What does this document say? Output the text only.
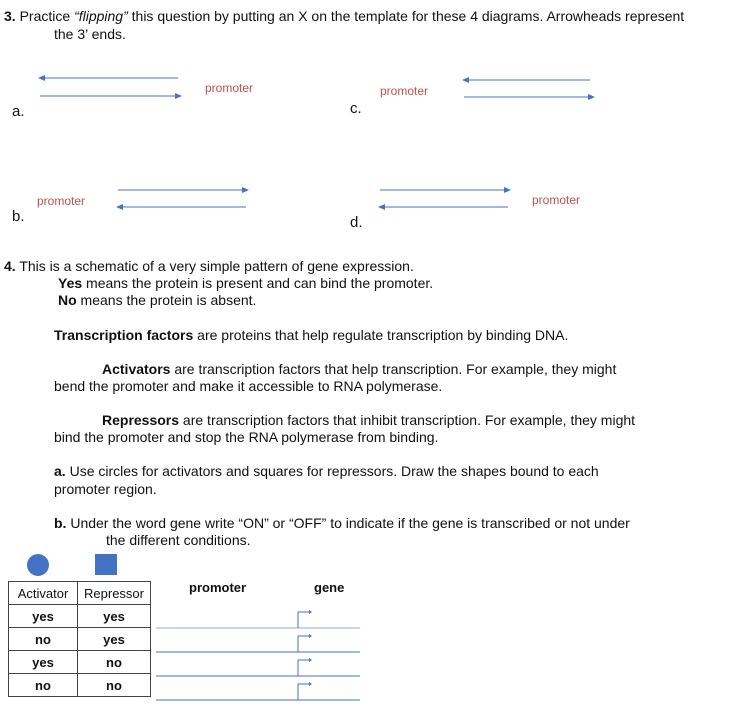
3. Practice “flipping” this question by putting an X on the template for these 4 diagrams. Arrowheads represent
the 3’ ends.
a.
promoter
c.
promoter
b.
promoter
d.
promoter
4. This is a schematic of a very simple pattern of gene expression.
Yes means the protein is present and can bind the promoter.
No means the protein is absent.
Transcription factors are proteins that help regulate transcription by binding DNA.
Activators are transcription factors that help transcription. For example, they might
bend the promoter and make it accessible to RNA polymerase.
Repressors are transcription factors that inhibit transcription. For example, they might
bind the promoter and stop the RNA polymerase from binding.
a. Use circles for activators and squares for repressors. Draw the shapes bound to each
promoter region.
b. Under the word gene write “ON” or “OFF” to indicate if the gene is transcribed or not under
the different conditions.
Activator	Repressor
yes	yes
no	yes
yes	no
no	no
promoter	gene
